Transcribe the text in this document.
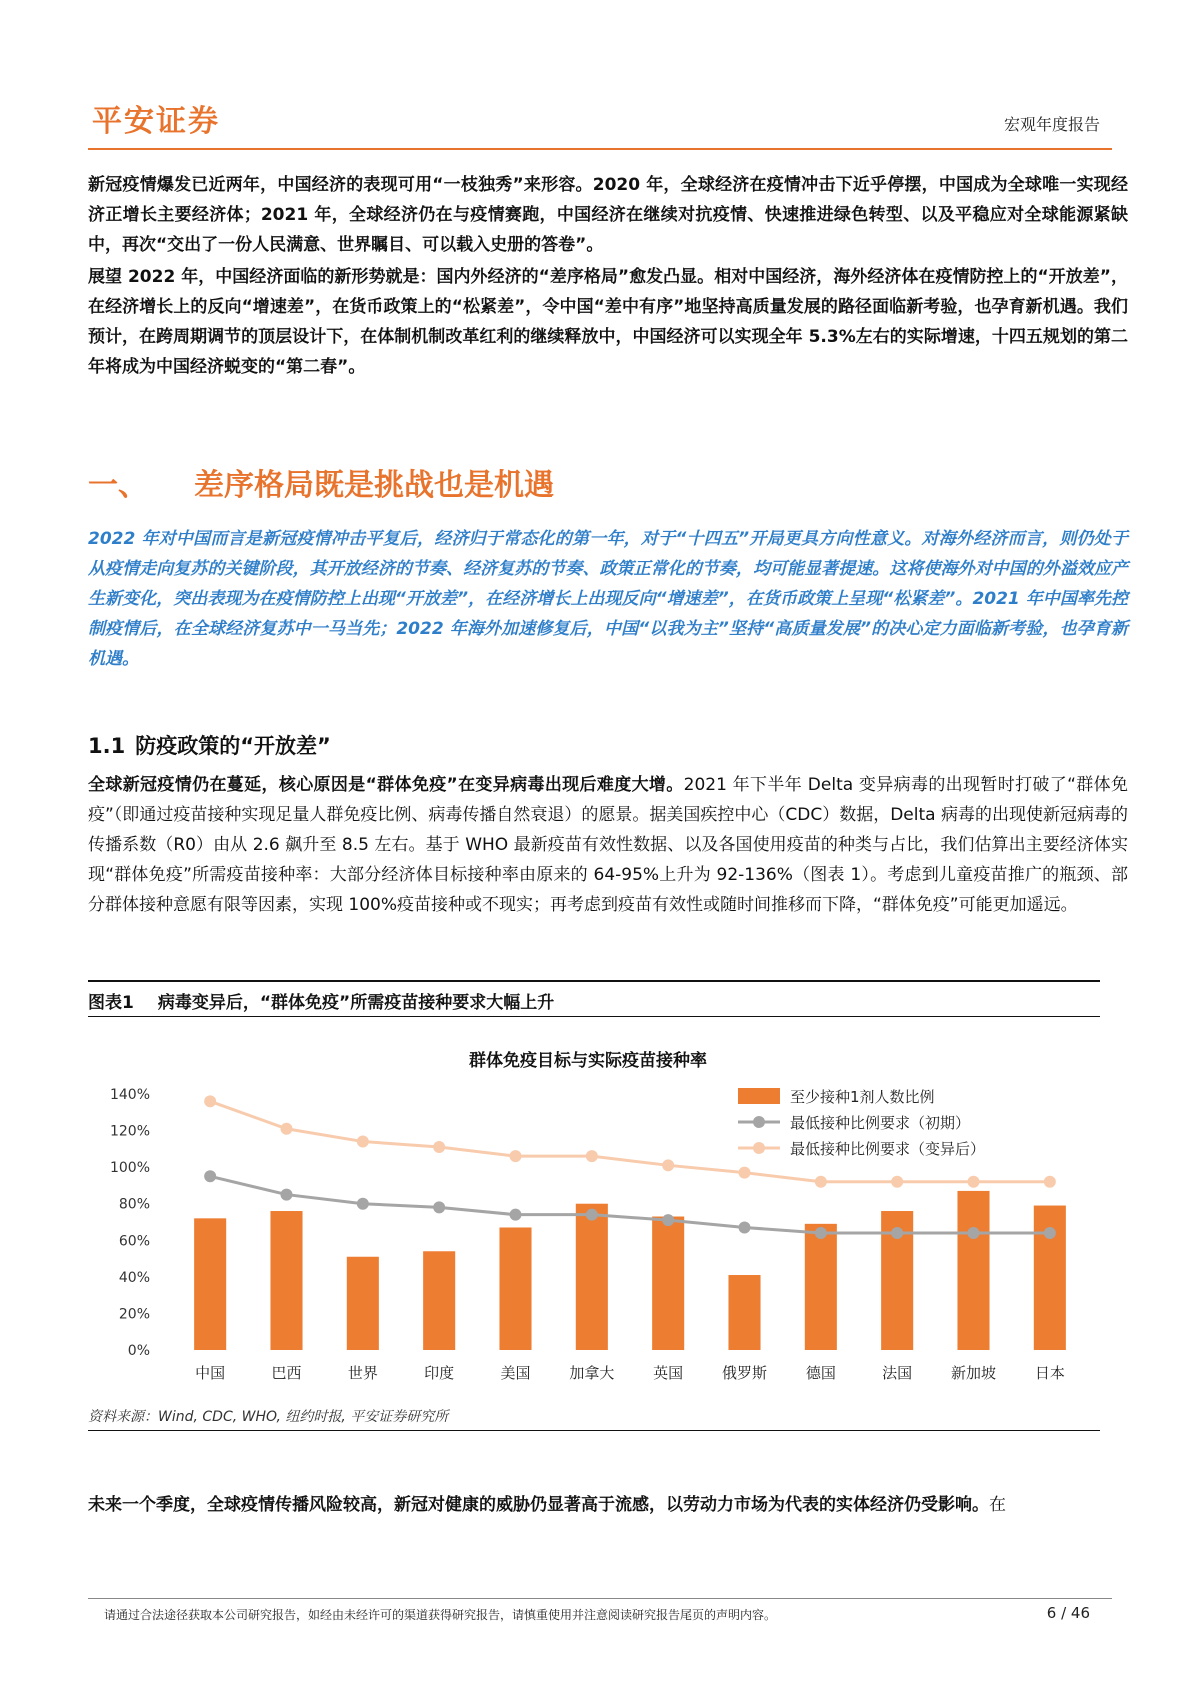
平安证券	宏观年度报告

新冠疫情爆发已近两年，中国经济的表现可用“一枝独秀”来形容。2020 年，全球经济在疫情冲击下近乎停摆，中国成为全球唯一实现经济正增长主要经济体；2021 年，全球经济仍在与疫情赛跑，中国经济在继续对抗疫情、快速推进绿色转型、以及平稳应对全球能源紧缺中，再次“交出了一份人民满意、世界瞩目、可以载入史册的答卷”。

展望 2022 年，中国经济面临的新形势就是：国内外经济的“差序格局”愈发凸显。相对中国经济，海外经济体在疫情防控上的“开放差”，在经济增长上的反向“增速差”，在货币政策上的“松紧差”，令中国“差中有序”地坚持高质量发展的路径面临新考验，也孕育新机遇。我们预计，在跨周期调节的顶层设计下，在体制机制改革红利的继续释放中，中国经济可以实现全年 5.3%左右的实际增速，十四五规划的第二年将成为中国经济蜕变的“第二春”。

一、 差序格局既是挑战也是机遇

2022 年对中国而言是新冠疫情冲击平复后，经济归于常态化的第一年，对于“十四五”开局更具方向性意义。对海外经济而言，则仍处于从疫情走向复苏的关键阶段，其开放经济的节奏、经济复苏的节奏、政策正常化的节奏，均可能显著提速。这将使海外对中国的外溢效应产生新变化，突出表现为在疫情防控上出现“开放差”，在经济增长上出现反向“增速差”，在货币政策上呈现“松紧差”。2021 年中国率先控制疫情后，在全球经济复苏中一马当先；2022 年海外加速修复后，中国“以我为主”坚持“高质量发展”的决心定力面临新考验，也孕育新机遇。

1.1 防疫政策的“开放差”

全球新冠疫情仍在蔓延，核心原因是“群体免疫”在变异病毒出现后难度大增。2021 年下半年 Delta 变异病毒的出现暂时打破了“群体免疫”（即通过疫苗接种实现足量人群免疫比例、病毒传播自然衰退）的愿景。据美国疾控中心（CDC）数据，Delta 病毒的出现使新冠病毒的传播系数（R0）由从 2.6 飙升至 8.5 左右。基于 WHO 最新疫苗有效性数据、以及各国使用疫苗的种类与占比，我们估算出主要经济体实现“群体免疫”所需疫苗接种率：大部分经济体目标接种率由原来的 64-95%上升为 92-136%（图表 1）。考虑到儿童疫苗推广的瓶颈、部分群体接种意愿有限等因素，实现 100%疫苗接种或不现实；再考虑到疫苗有效性或随时间推移而下降，“群体免疫”可能更加遥远。

图表1 病毒变异后，“群体免疫”所需疫苗接种要求大幅上升
群体免疫目标与实际疫苗接种率
0%
20%
40%
60%
80%
100%
120%
140%
中国	巴西	世界	印度	美国	加拿大	英国	俄罗斯	德国	法国	新加坡	日本
至少接种1剂人数比例
最低接种比例要求（初期）
最低接种比例要求（变异后）
资料来源：Wind, CDC, WHO, 纽约时报, 平安证券研究所

未来一个季度，全球疫情传播风险较高，新冠对健康的威胁仍显著高于流感，以劳动力市场为代表的实体经济仍受影响。在

请通过合法途径获取本公司研究报告，如经由未经许可的渠道获得研究报告，请慎重使用并注意阅读研究报告尾页的声明内容。	6 / 46
